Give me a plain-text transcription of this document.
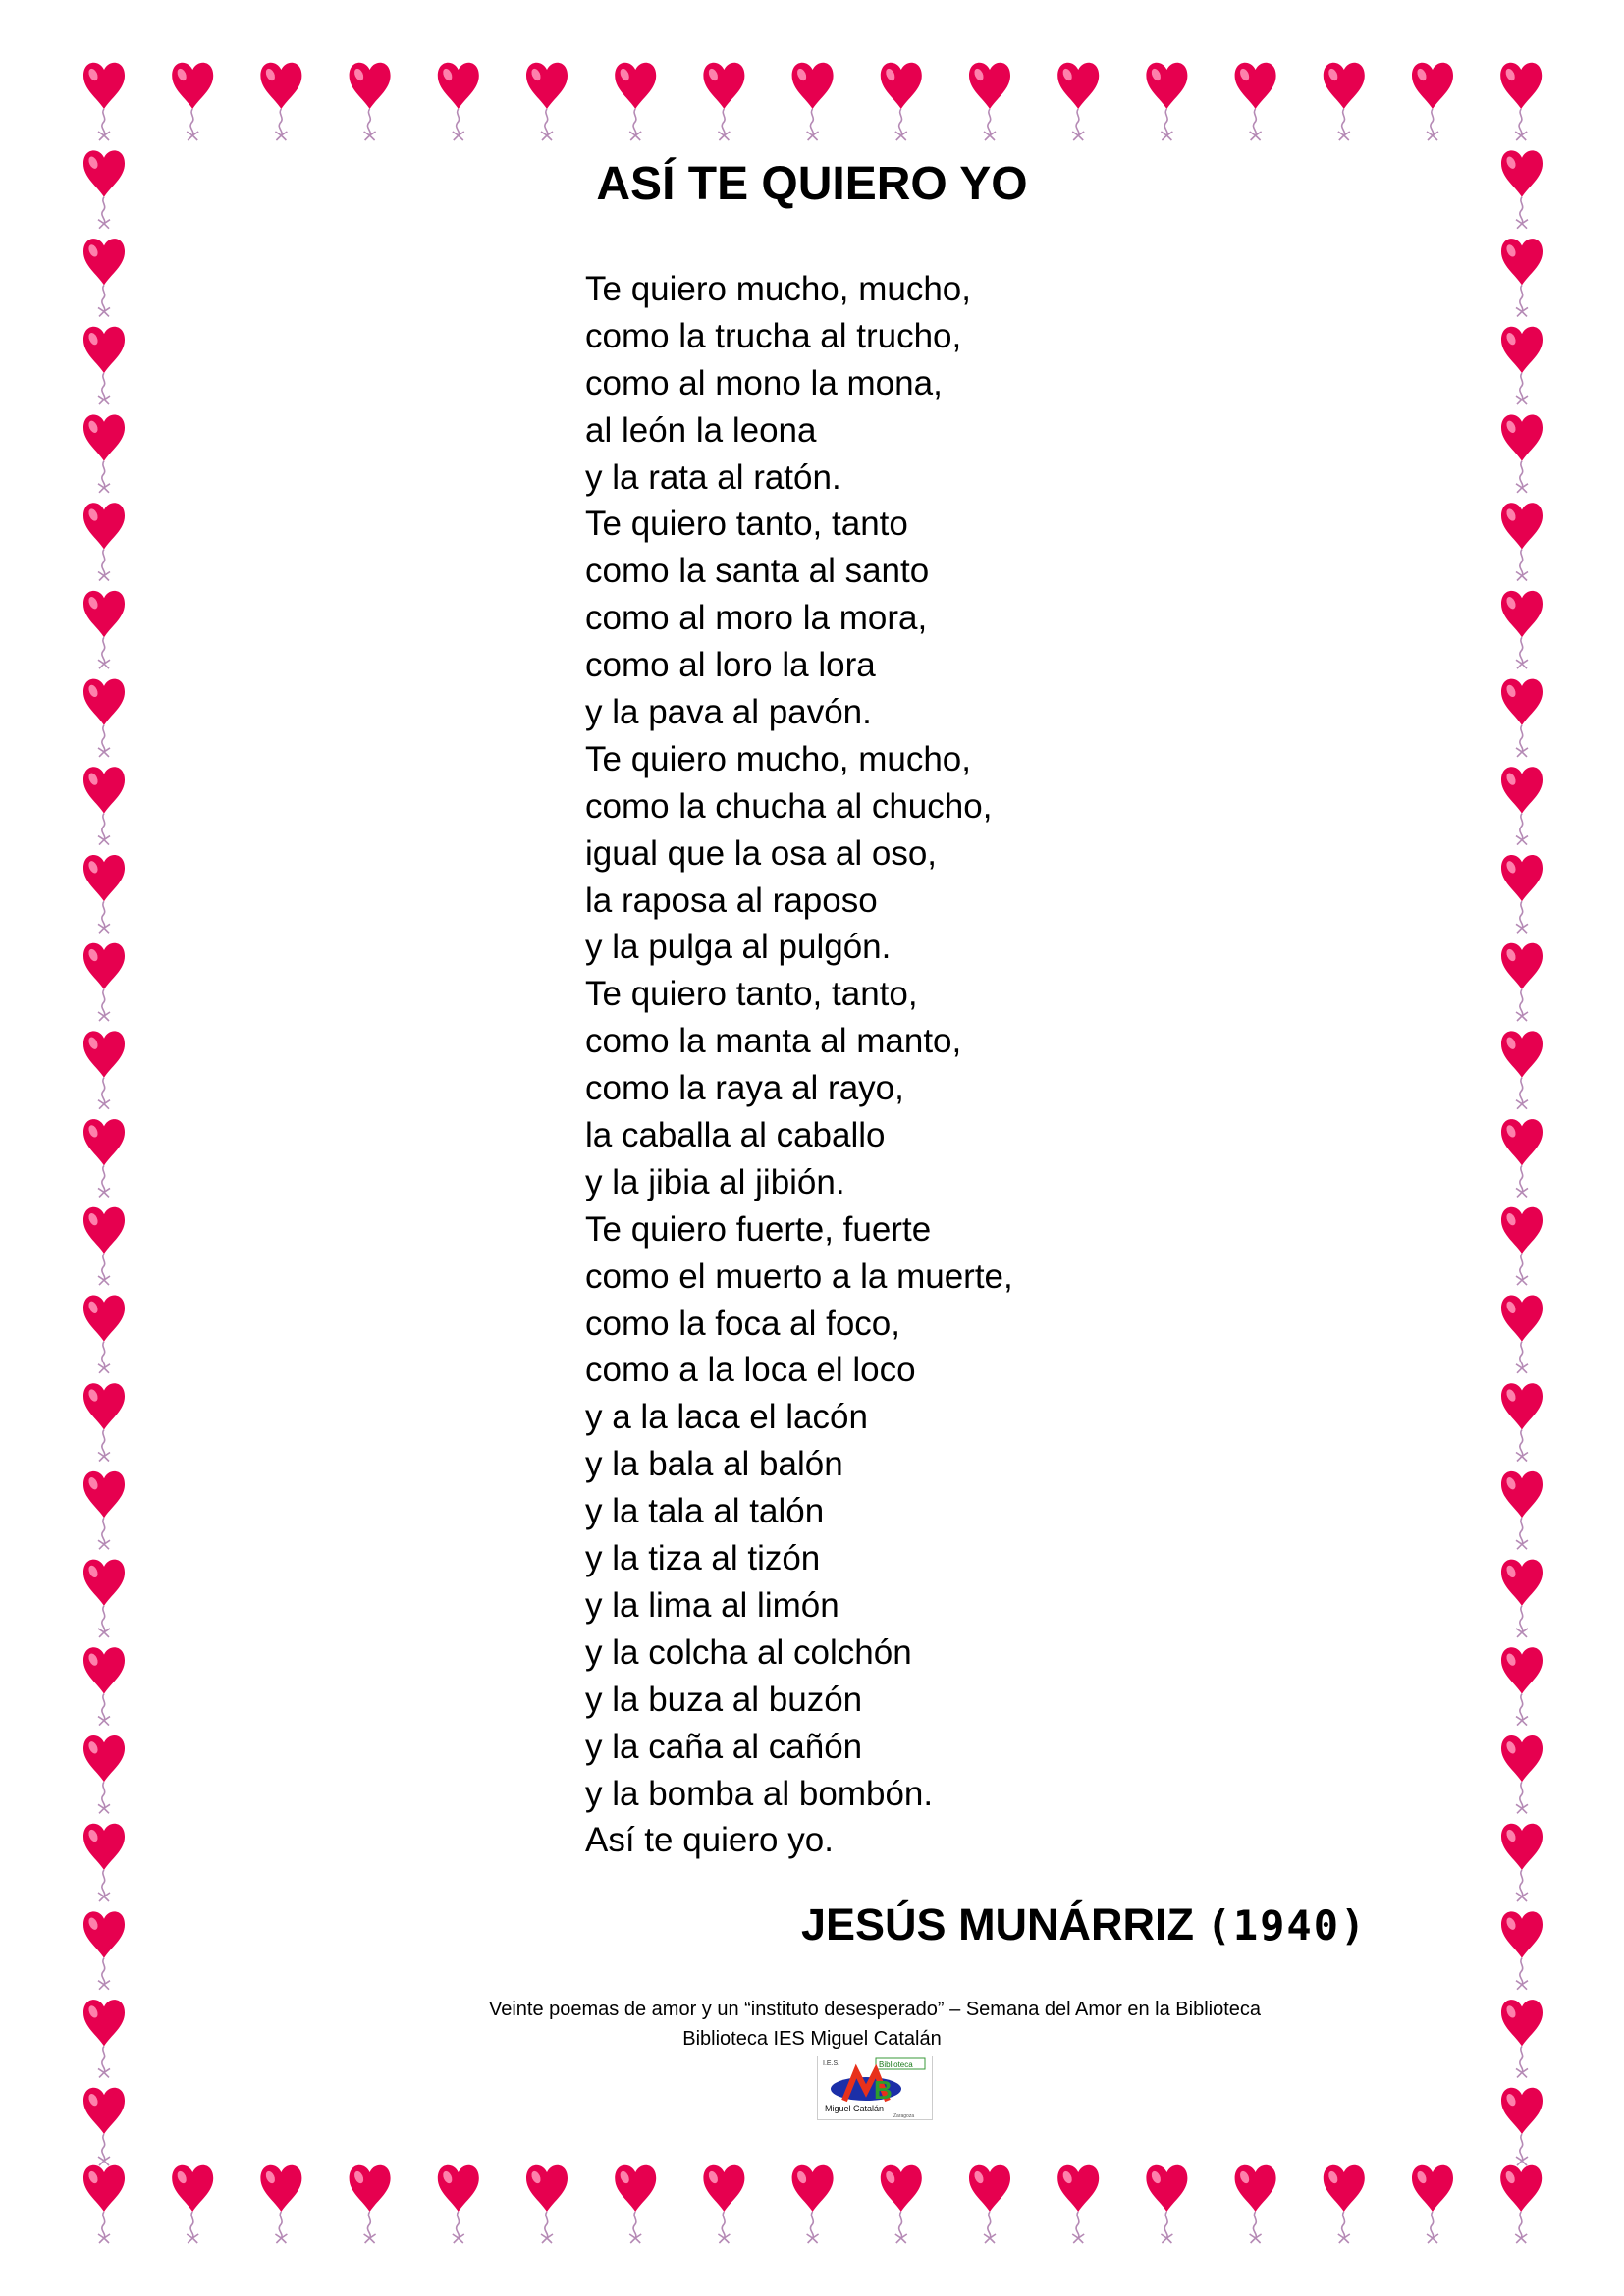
ASÍ TE QUIERO YO
Te quiero mucho, mucho,
como la trucha al trucho,
como al mono la mona,
al león la leona
y la rata al ratón.
Te quiero tanto, tanto
como la santa al santo
como al moro la mora,
como al loro la lora
y la pava al pavón.
Te quiero mucho, mucho,
como la chucha al chucho,
igual que la osa al oso,
la raposa al raposo
y la pulga al pulgón.
Te quiero tanto, tanto,
como la manta al manto,
como la raya al rayo,
la caballa al caballo
y la jibia al jibión.
Te quiero fuerte, fuerte
como el muerto a la muerte,
como la foca al foco,
como a la loca el loco
y a la laca el lacón
y la bala al balón
y la tala al talón
y la tiza al tizón
y la lima al limón
y la colcha al colchón
y la buza al buzón
y la caña al cañón
y la bomba al bombón.
Así te quiero yo.
JESÚS MUNÁRRIZ (1940)
Veinte poemas de amor y un “instituto desesperado” – Semana del Amor en la Biblioteca
Biblioteca IES Miguel Catalán
I.E.S.	Biblioteca
B
Miguel Catalán
Zaragoza
